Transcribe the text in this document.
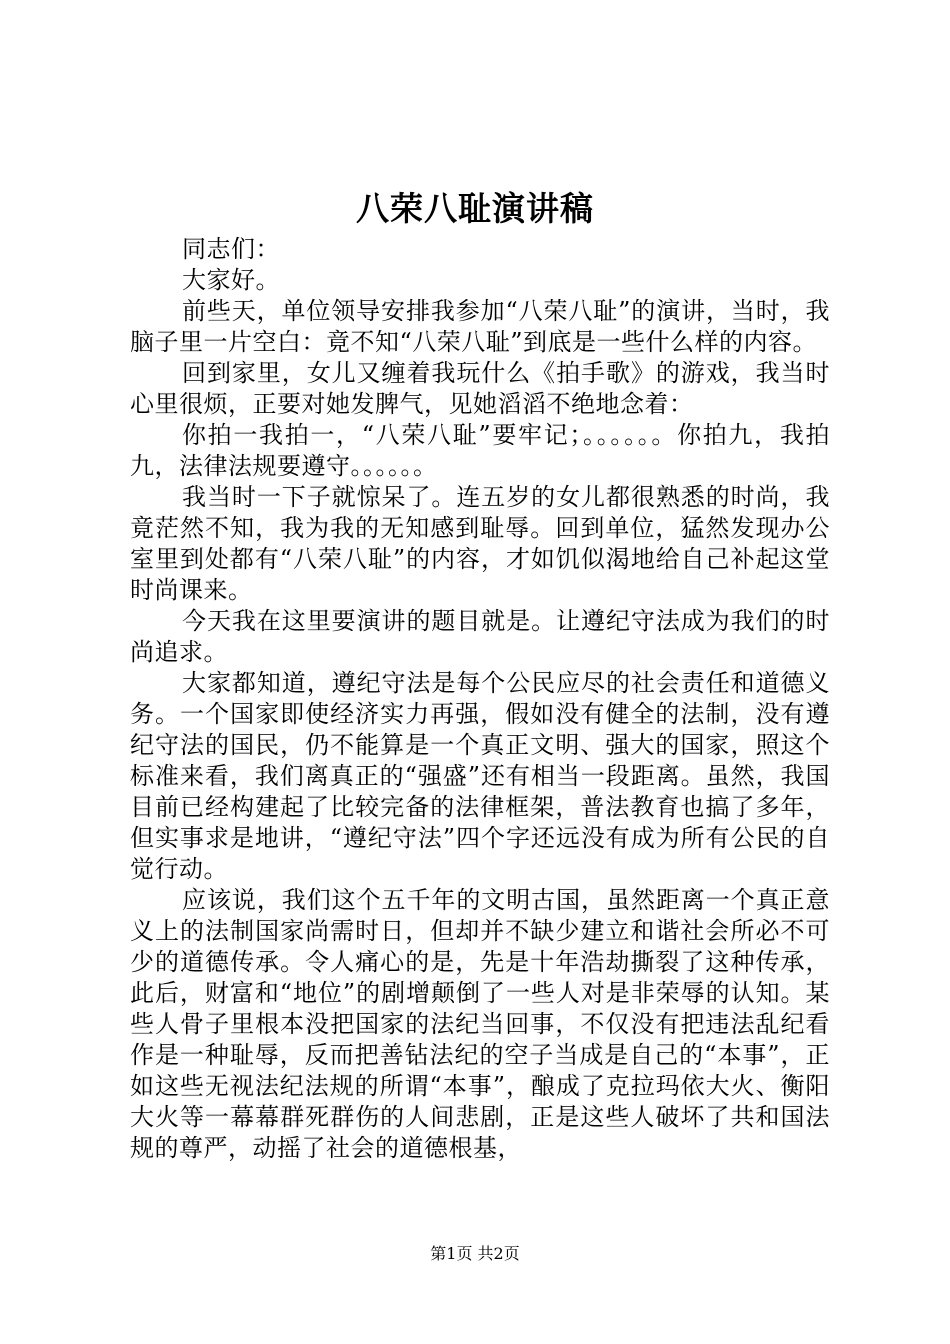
八荣八耻演讲稿

同志们：

大家好。

前些天，单位领导安排我参加“八荣八耻”的演讲，当时，我脑子里一片空白：竟不知“八荣八耻”到底是一些什么样的内容。

回到家里，女儿又缠着我玩什么《拍手歌》的游戏，我当时心里很烦，正要对她发脾气，见她滔滔不绝地念着：

你拍一我拍一，“八荣八耻”要牢记；。。。。。。你拍九，我拍九，法律法规要遵守。。。。。。

我当时一下子就惊呆了。连五岁的女儿都很熟悉的时尚，我竟茫然不知，我为我的无知感到耻辱。回到单位，猛然发现办公室里到处都有“八荣八耻”的内容，才如饥似渴地给自己补起这堂时尚课来。

今天我在这里要演讲的题目就是。让遵纪守法成为我们的时尚追求。

大家都知道，遵纪守法是每个公民应尽的社会责任和道德义务。一个国家即使经济实力再强，假如没有健全的法制，没有遵纪守法的国民，仍不能算是一个真正文明、强大的国家，照这个标准来看，我们离真正的“强盛”还有相当一段距离。虽然，我国目前已经构建起了比较完备的法律框架，普法教育也搞了多年，但实事求是地讲，“遵纪守法”四个字还远没有成为所有公民的自觉行动。

应该说，我们这个五千年的文明古国，虽然距离一个真正意义上的法制国家尚需时日，但却并不缺少建立和谐社会所必不可少的道德传承。令人痛心的是，先是十年浩劫撕裂了这种传承，此后，财富和“地位”的剧增颠倒了一些人对是非荣辱的认知。某些人骨子里根本没把国家的法纪当回事，不仅没有把违法乱纪看作是一种耻辱，反而把善钻法纪的空子当成是自己的“本事”，正如这些无视法纪法规的所谓“本事”，酿成了克拉玛依大火、衡阳大火等一幕幕群死群伤的人间悲剧，正是这些人破坏了共和国法规的尊严，动摇了社会的道德根基，

第1页 共2页
